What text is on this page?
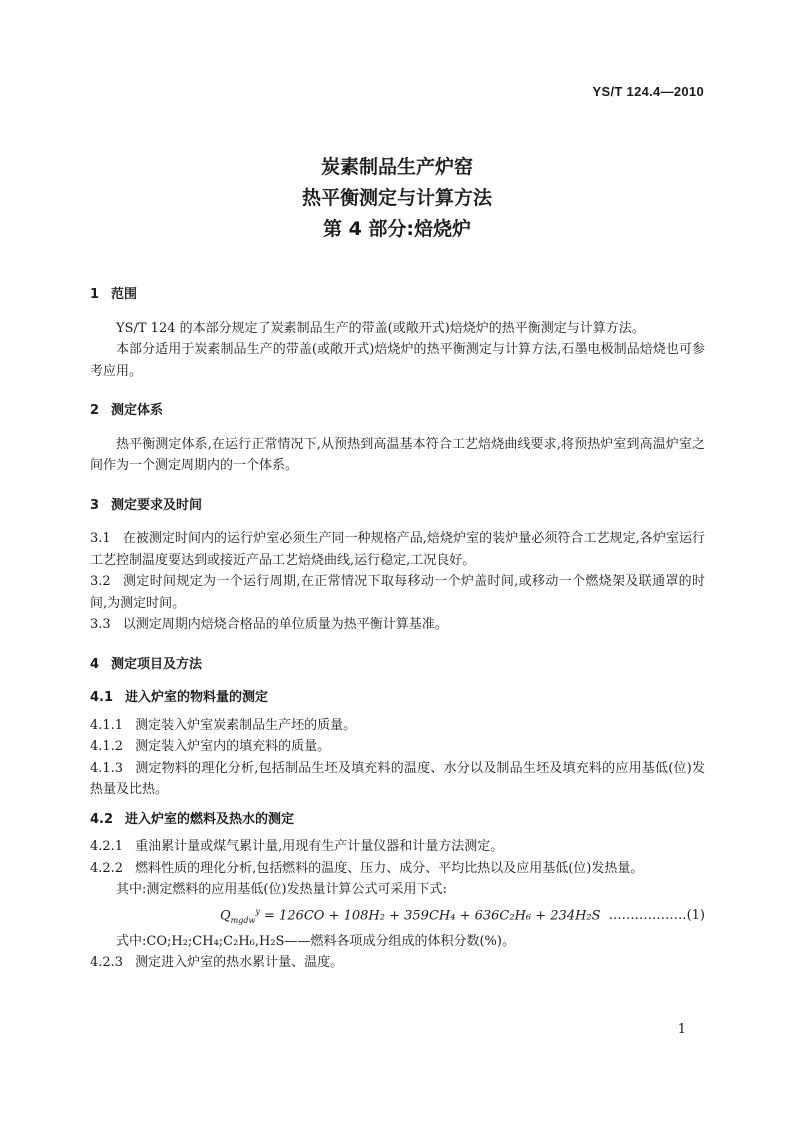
YS/T 124.4—2010
炭素制品生产炉窑
热平衡测定与计算方法
第 4 部分:焙烧炉
1 范围

YS/T 124 的本部分规定了炭素制品生产的带盖(或敞开式)焙烧炉的热平衡测定与计算方法。

本部分适用于炭素制品生产的带盖(或敞开式)焙烧炉的热平衡测定与计算方法,石墨电极制品焙烧也可参考应用。

2 测定体系

热平衡测定体系,在运行正常情况下,从预热到高温基本符合工艺焙烧曲线要求,将预热炉室到高温炉室之间作为一个测定周期内的一个体系。

3 测定要求及时间

3.1 在被测定时间内的运行炉室必须生产同一种规格产品,焙烧炉室的装炉量必须符合工艺规定,各炉室运行工艺控制温度要达到或接近产品工艺焙烧曲线,运行稳定,工况良好。

3.2 测定时间规定为一个运行周期,在正常情况下取每移动一个炉盖时间,或移动一个燃烧架及联通罩的时间,为测定时间。

3.3 以测定周期内焙烧合格品的单位质量为热平衡计算基准。

4 测定项目及方法
4.1 进入炉室的物料量的测定

4.1.1 测定装入炉室炭素制品生产坯的质量。

4.1.2 测定装入炉室内的填充料的质量。

4.1.3 测定物料的理化分析,包括制品生坯及填充料的温度、水分以及制品生坯及填充料的应用基低(位)发热量及比热。

4.2 进入炉室的燃料及热水的测定

4.2.1 重油累计量或煤气累计量,用现有生产计量仪器和计量方法测定。

4.2.2 燃料性质的理化分析,包括燃料的温度、压力、成分、平均比热以及应用基低(位)发热量。

其中:测定燃料的应用基低(位)发热量计算公式可采用下式:

$Q_{mgdw}^y = 126CO + 108H_2 + 359CH_4 + 636C_2H_6 + 234H_2S$ ………………(1)

式中:CO;H₂;CH₄;C₂H₆,H₂S——燃料各项成分组成的体积分数(%)。

4.2.3 测定进入炉室的热水累计量、温度。

1
